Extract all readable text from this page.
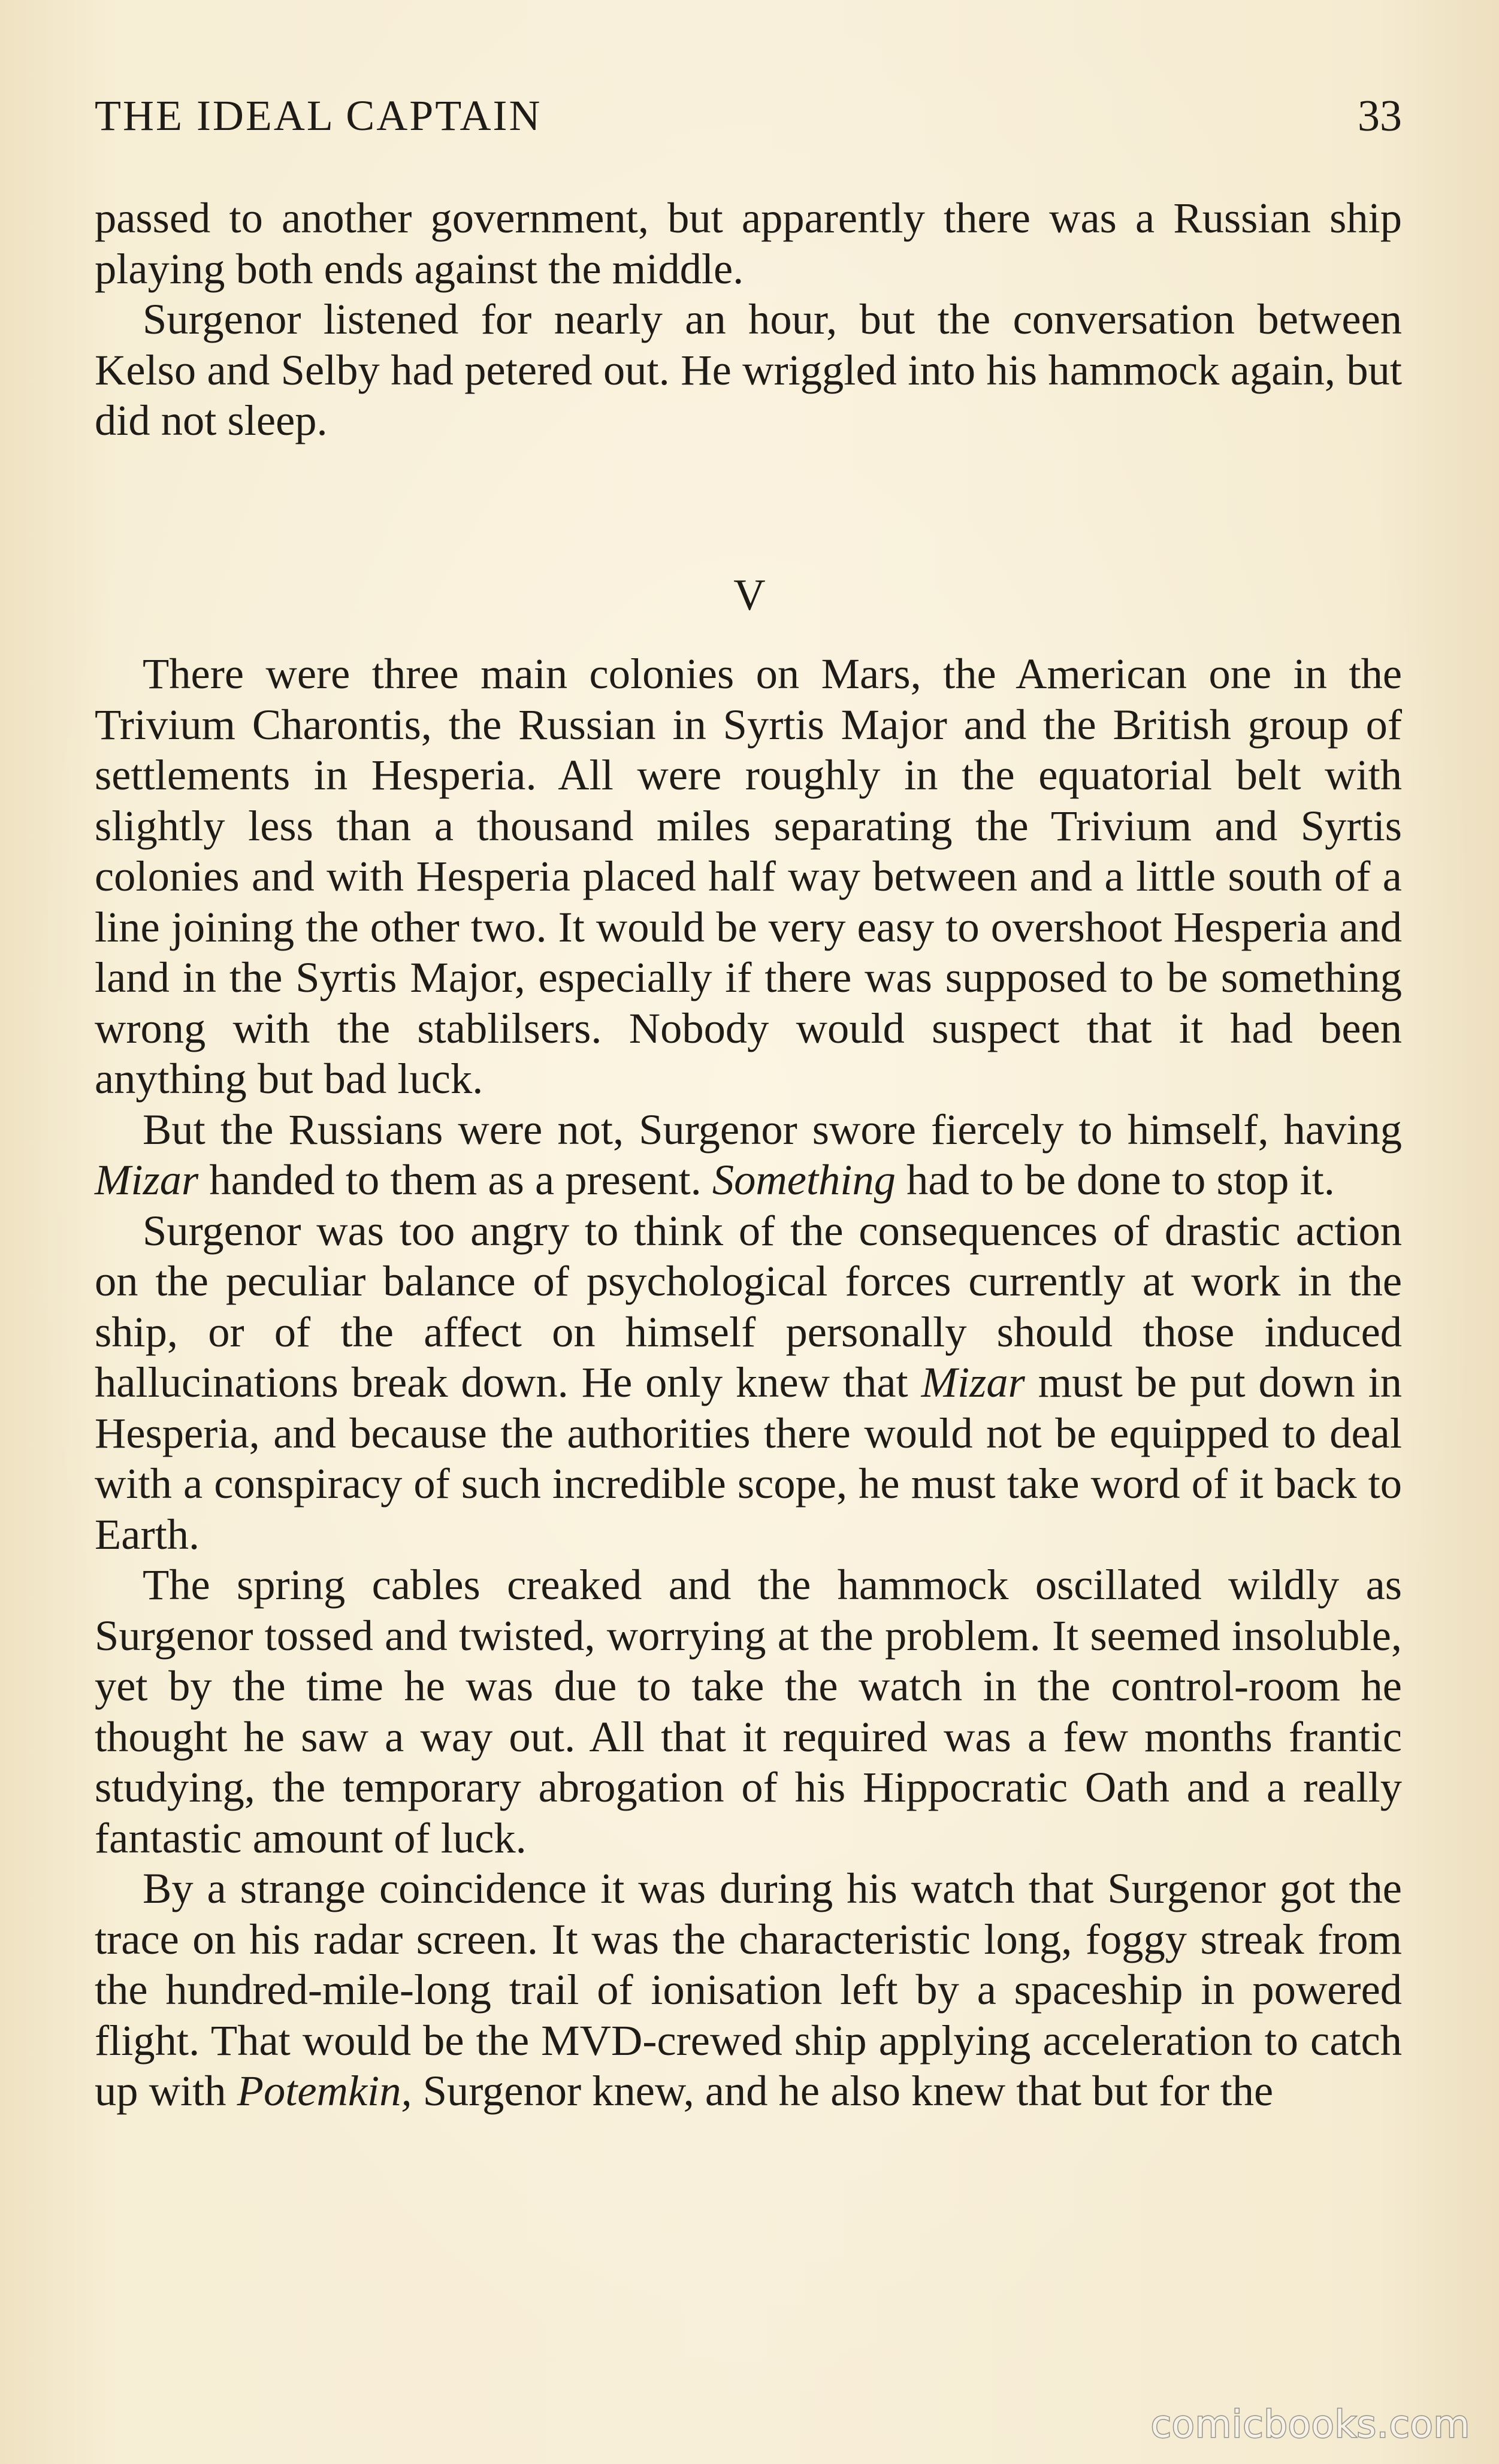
THE IDEAL CAPTAIN	33

passed to another government, but apparently there was a Russian ship playing both ends against the middle.

Surgenor listened for nearly an hour, but the conversation between Kelso and Selby had petered out. He wriggled into his hammock again, but did not sleep.

V

There were three main colonies on Mars, the American one in the Trivium Charontis, the Russian in Syrtis Major and the British group of settlements in Hesperia. All were roughly in the equatorial belt with slightly less than a thousand miles separating the Trivium and Syrtis colonies and with Hesperia placed half way between and a little south of a line joining the other two. It would be very easy to overshoot Hesperia and land in the Syrtis Major, especially if there was supposed to be something wrong with the stablilsers. Nobody would suspect that it had been anything but bad luck.

But the Russians were not, Surgenor swore fiercely to himself, having Mizar handed to them as a present. Something had to be done to stop it.

Surgenor was too angry to think of the consequences of drastic action on the peculiar balance of psychological forces currently at work in the ship, or of the affect on himself personally should those induced hallucinations break down. He only knew that Mizar must be put down in Hesperia, and because the authorities there would not be equipped to deal with a conspiracy of such incredible scope, he must take word of it back to Earth.

The spring cables creaked and the hammock oscillated wildly as Surgenor tossed and twisted, worrying at the problem. It seemed insoluble, yet by the time he was due to take the watch in the control-room he thought he saw a way out. All that it required was a few months frantic studying, the temporary abrogation of his Hippocratic Oath and a really fantastic amount of luck.

By a strange coincidence it was during his watch that Surgenor got the trace on his radar screen. It was the characteristic long, foggy streak from the hundred-mile-long trail of ionisation left by a spaceship in powered flight. That would be the MVD-crewed ship applying acceleration to catch up with Potemkin, Surgenor knew, and he also knew that but for the

comicbooks.com
